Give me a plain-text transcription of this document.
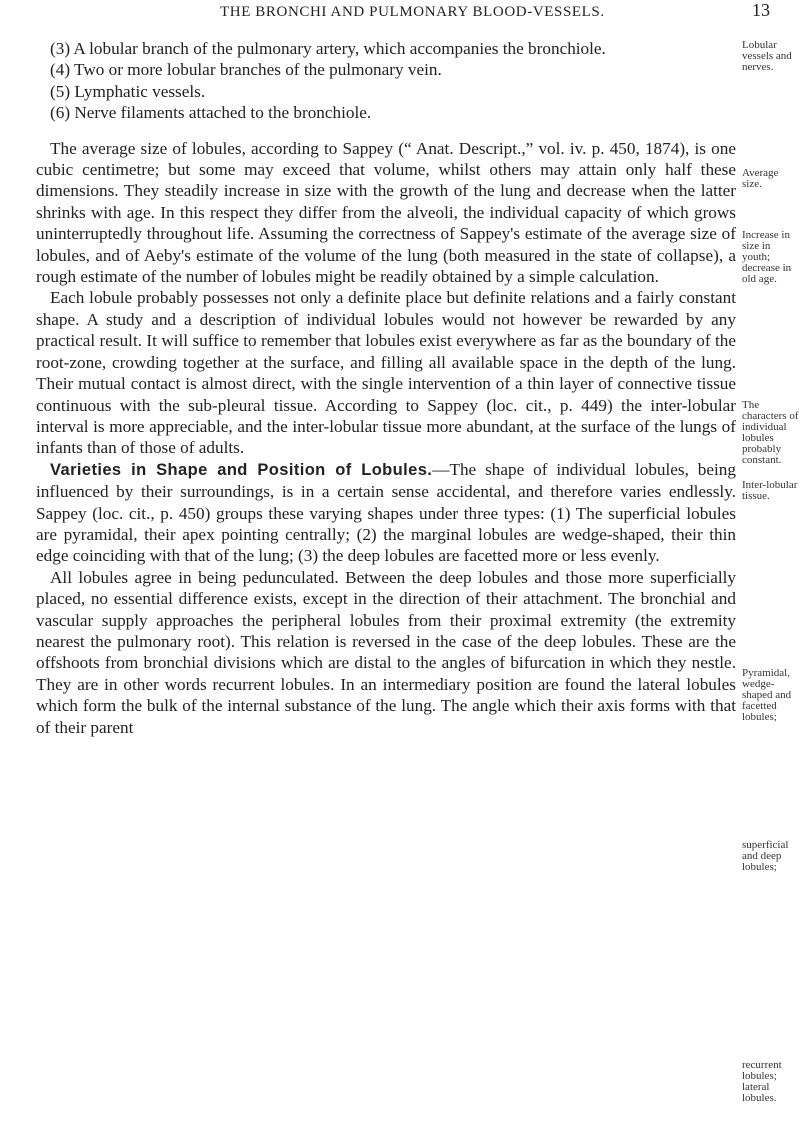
THE BRONCHI AND PULMONARY BLOOD-VESSELS.	13

(3) A lobular branch of the pulmonary artery, which accompanies the bronchiole.

(4) Two or more lobular branches of the pulmonary vein.

(5) Lymphatic vessels.

(6) Nerve filaments attached to the bronchiole.

The average size of lobules, according to Sappey (“ Anat. Descript.,” vol. iv. p. 450, 1874), is one cubic centimetre; but some may exceed that volume, whilst others may attain only half these dimensions. They steadily increase in size with the growth of the lung and decrease when the latter shrinks with age. In this respect they differ from the alveoli, the individual capacity of which grows uninterruptedly throughout life. Assuming the correctness of Sappey's estimate of the average size of lobules, and of Aeby's estimate of the volume of the lung (both measured in the state of collapse), a rough estimate of the number of lobules might be readily obtained by a simple calculation.

Each lobule probably possesses not only a definite place but definite relations and a fairly constant shape. A study and a description of individual lobules would not however be rewarded by any practical result. It will suffice to remember that lobules exist everywhere as far as the boundary of the root-zone, crowding together at the surface, and filling all available space in the depth of the lung. Their mutual contact is almost direct, with the single intervention of a thin layer of connective tissue continuous with the sub-pleural tissue. According to Sappey (loc. cit., p. 449) the inter-lobular interval is more appreciable, and the inter-lobular tissue more abundant, at the surface of the lungs of infants than of those of adults.

Varieties in Shape and Position of Lobules.—The shape of individual lobules, being influenced by their surroundings, is in a certain sense accidental, and therefore varies endlessly. Sappey (loc. cit., p. 450) groups these varying shapes under three types: (1) The superficial lobules are pyramidal, their apex pointing centrally; (2) the marginal lobules are wedge-shaped, their thin edge coinciding with that of the lung; (3) the deep lobules are facetted more or less evenly.

All lobules agree in being pedunculated. Between the deep lobules and those more superficially placed, no essential difference exists, except in the direction of their attachment. The bronchial and vascular supply approaches the peripheral lobules from their proximal extremity (the extremity nearest the pulmonary root). This relation is reversed in the case of the deep lobules. These are the offshoots from bronchial divisions which are distal to the angles of bifurcation in which they nestle. They are in other words recurrent lobules. In an intermediary position are found the lateral lobules which form the bulk of the internal substance of the lung. The angle which their axis forms with that of their parent

Lobular vessels and nerves.
Average size.
Increase in size in youth; decrease in old age.
The characters of individual lobules probably constant.
Inter-lobular tissue.
Pyramidal, wedge-shaped and facetted lobules;
superficial and deep lobules;
recurrent lobules; lateral lobules.
